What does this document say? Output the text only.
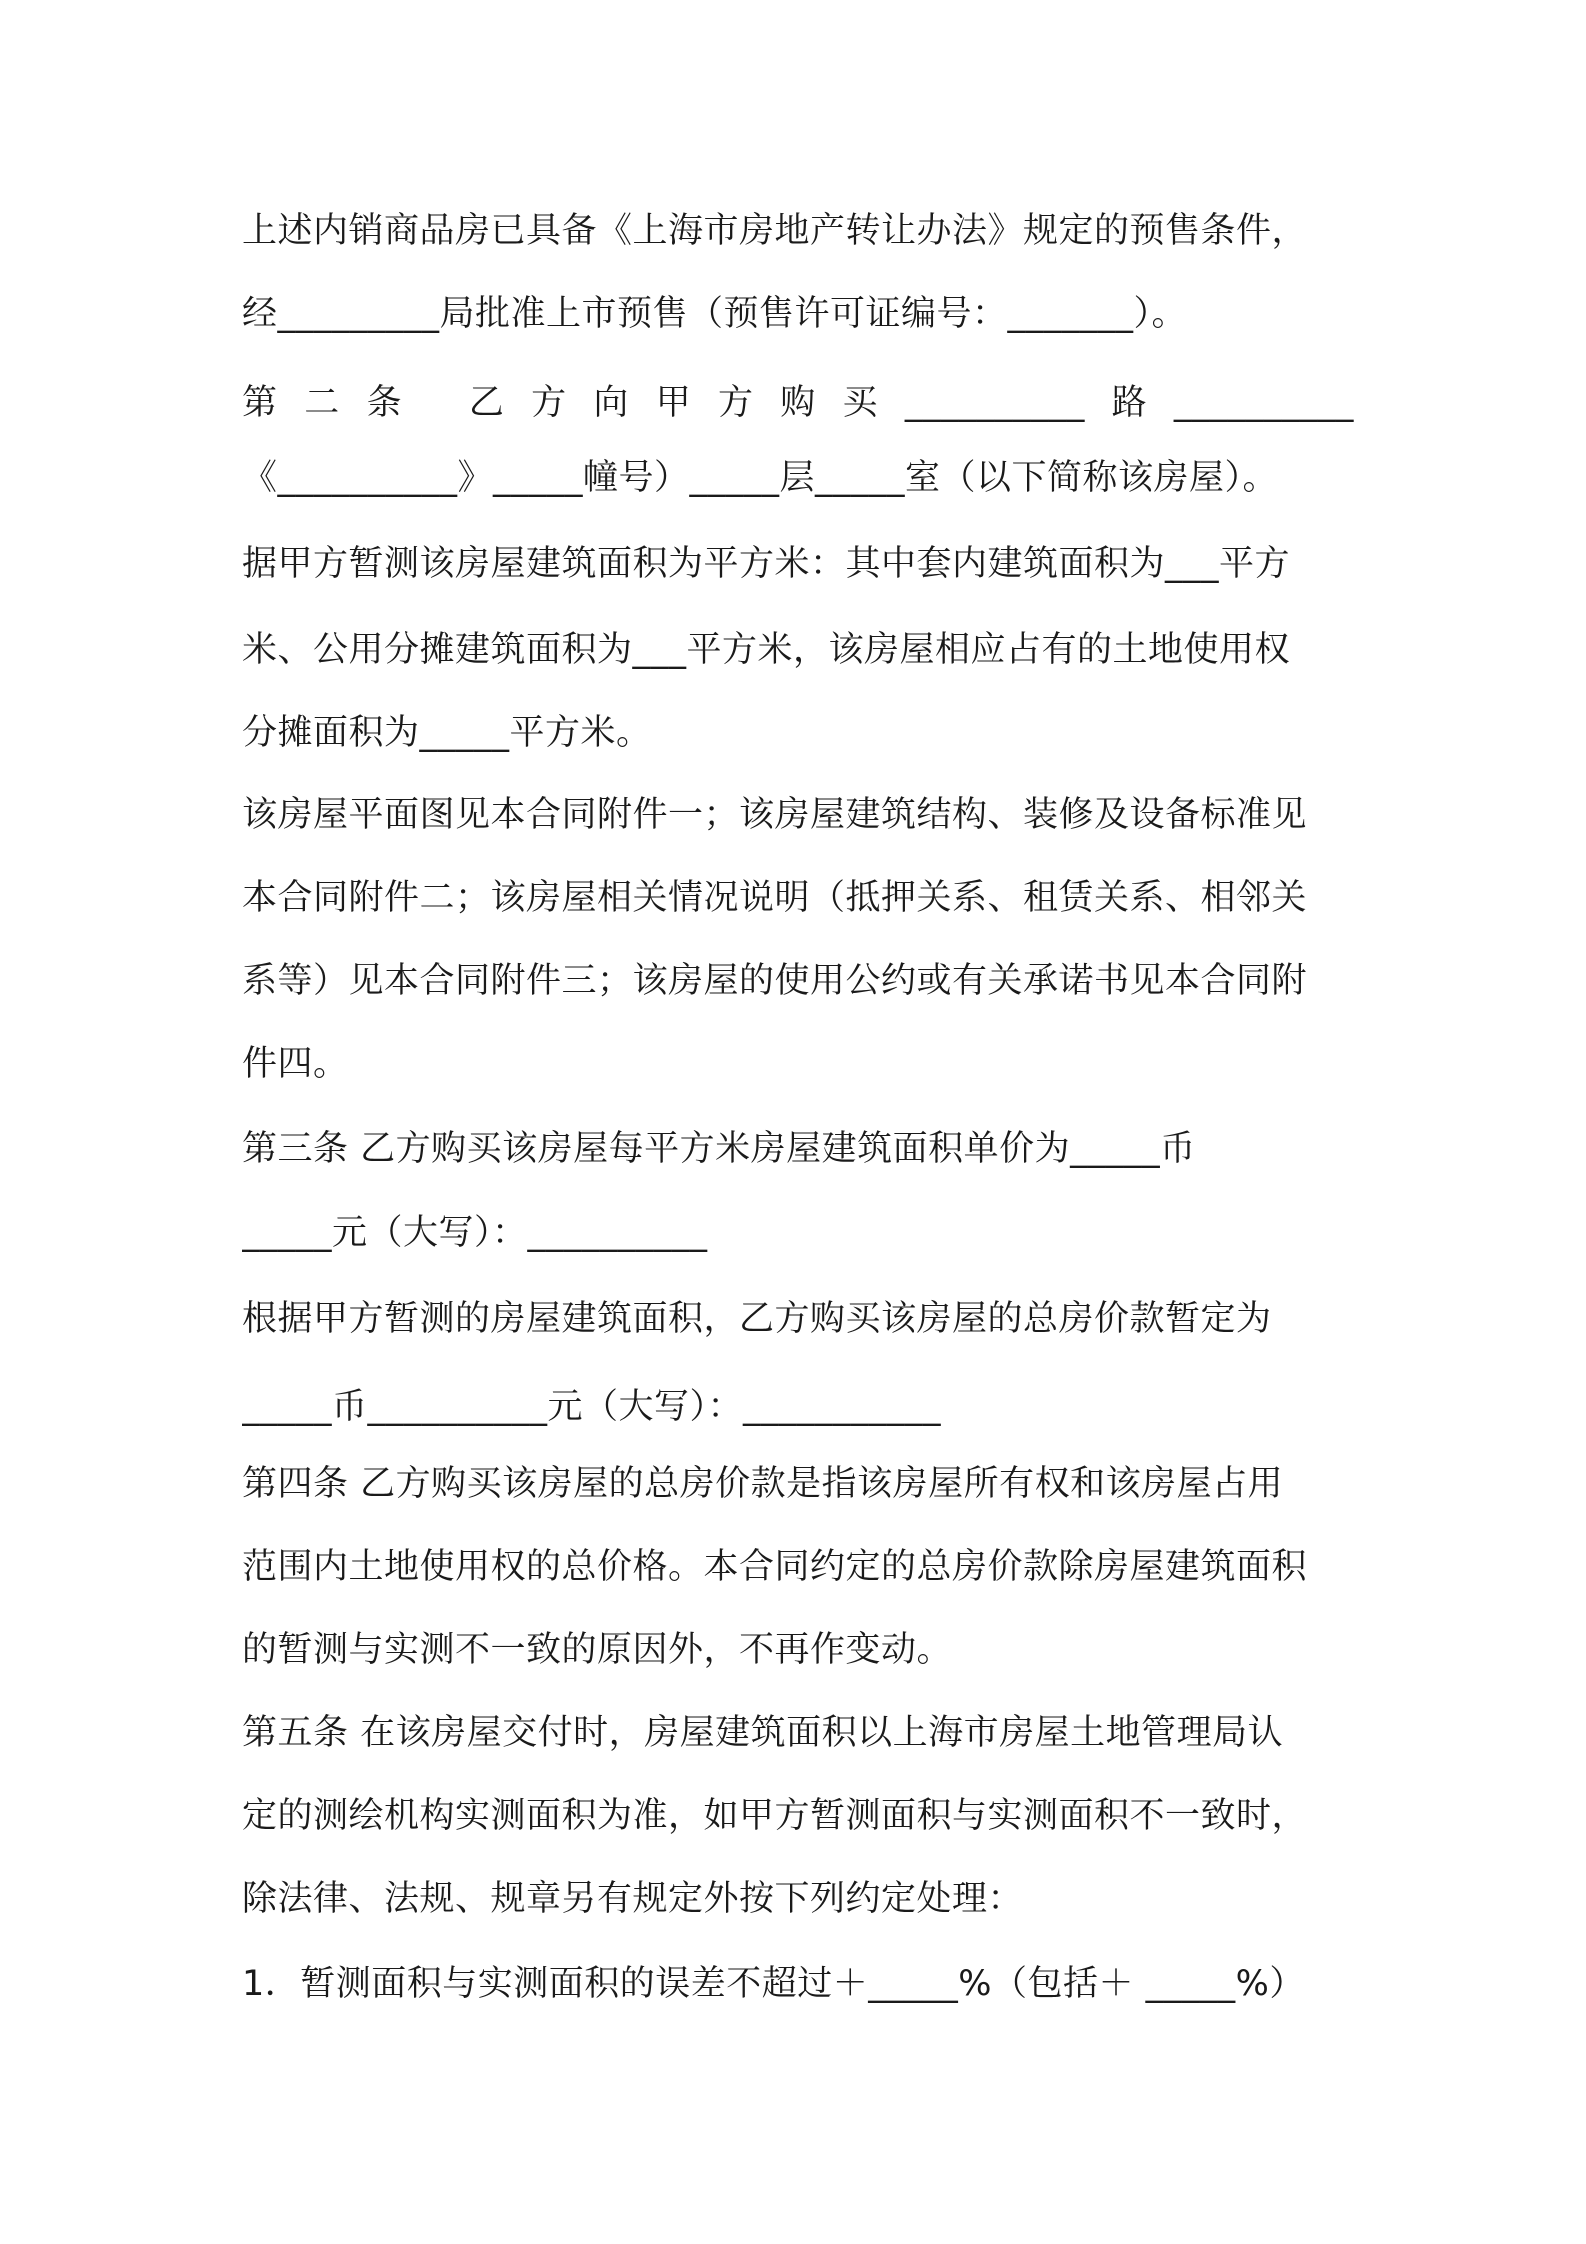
上述内销商品房已具备《上海市房地产转让办法》规定的预售条件，
经_________局批准上市预售（预售许可证编号：_______）。
第 二 条 乙 方 向 甲 方 购 买 __________ 路 __________
《__________》_____幢号）_____层_____室（以下简称该房屋）。
据甲方暂测该房屋建筑面积为平方米：其中套内建筑面积为___平方
米、公用分摊建筑面积为___平方米，该房屋相应占有的土地使用权
分摊面积为_____平方米。
该房屋平面图见本合同附件一；该房屋建筑结构、装修及设备标准见
本合同附件二；该房屋相关情况说明（抵押关系、租赁关系、相邻关
系等）见本合同附件三；该房屋的使用公约或有关承诺书见本合同附
件四。
第三条 乙方购买该房屋每平方米房屋建筑面积单价为_____币
_____元（大写）：__________
根据甲方暂测的房屋建筑面积，乙方购买该房屋的总房价款暂定为
_____币__________元（大写）：___________
第四条 乙方购买该房屋的总房价款是指该房屋所有权和该房屋占用
范围内土地使用权的总价格。本合同约定的总房价款除房屋建筑面积
的暂测与实测不一致的原因外，不再作变动。
第五条 在该房屋交付时，房屋建筑面积以上海市房屋土地管理局认
定的测绘机构实测面积为准，如甲方暂测面积与实测面积不一致时，
除法律、法规、规章另有规定外按下列约定处理：
1．暂测面积与实测面积的误差不超过＋_____%（包括＋ _____%）
